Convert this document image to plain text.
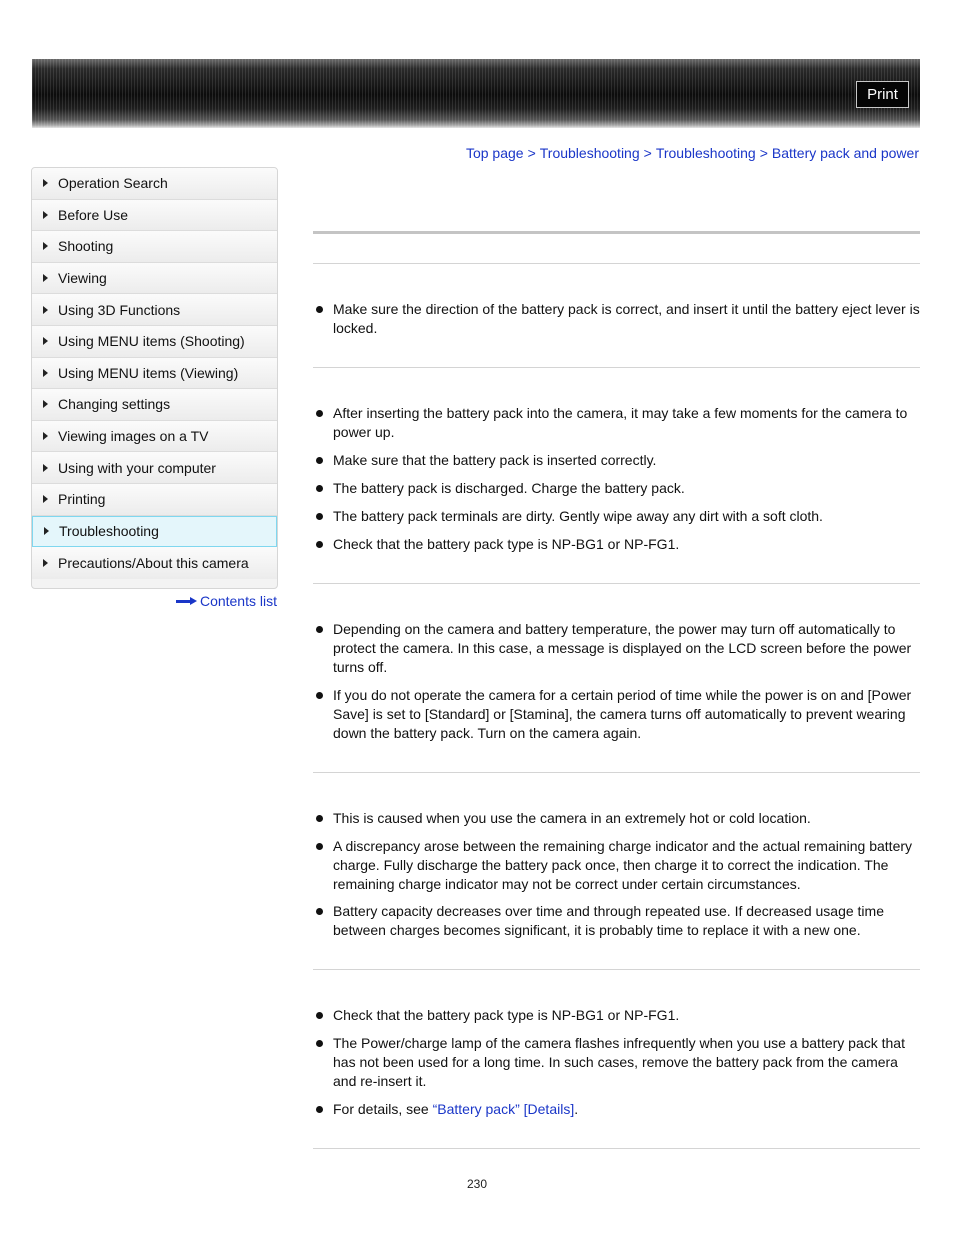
Print
Top page > Troubleshooting > Troubleshooting > Battery pack and power
Operation Search
Before Use
Shooting
Viewing
Using 3D Functions
Using MENU items (Shooting)
Using MENU items (Viewing)
Changing settings
Viewing images on a TV
Using with your computer
Printing
Troubleshooting
Precautions/About this camera
Contents list
Make sure the direction of the battery pack is correct, and insert it until the battery eject lever is locked.
After inserting the battery pack into the camera, it may take a few moments for the camera to power up.
Make sure that the battery pack is inserted correctly.
The battery pack is discharged. Charge the battery pack.
The battery pack terminals are dirty. Gently wipe away any dirt with a soft cloth.
Check that the battery pack type is NP-BG1 or NP-FG1.
Depending on the camera and battery temperature, the power may turn off automatically to protect the camera. In this case, a message is displayed on the LCD screen before the power turns off.
If you do not operate the camera for a certain period of time while the power is on and [Power Save] is set to [Standard] or [Stamina], the camera turns off automatically to prevent wearing down the battery pack. Turn on the camera again.
This is caused when you use the camera in an extremely hot or cold location.
A discrepancy arose between the remaining charge indicator and the actual remaining battery charge. Fully discharge the battery pack once, then charge it to correct the indication. The remaining charge indicator may not be correct under certain circumstances.
Battery capacity decreases over time and through repeated use. If decreased usage time between charges becomes significant, it is probably time to replace it with a new one.
Check that the battery pack type is NP-BG1 or NP-FG1.
The Power/charge lamp of the camera flashes infrequently when you use a battery pack that has not been used for a long time. In such cases, remove the battery pack from the camera and re-insert it.
For details, see “Battery pack” [Details].
230
